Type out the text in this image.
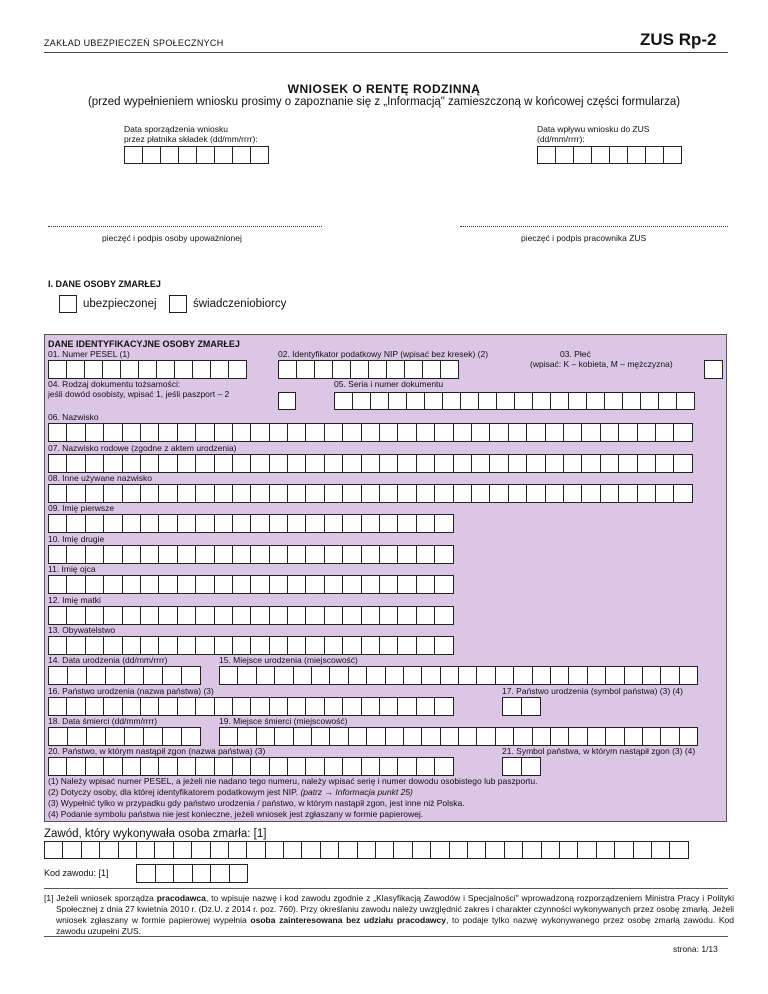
ZAKŁAD UBEZPIECZEŃ SPOŁECZNYCH	ZUS Rp-2
WNIOSEK O RENTĘ RODZINNĄ
(przed wypełnieniem wniosku prosimy o zapoznanie się z „Informacją" zamieszczoną w końcowej części formularza)
Data sporządzenia wniosku
przez płatnika składek (dd/mm/rrrr):
Data wpływu wniosku do ZUS
(dd/mm/rrrr):
pieczęć i podpis osoby upoważnionej	pieczęć i podpis pracownika ZUS
I. DANE OSOBY ZMARŁEJ
ubezpieczonej	świadczeniobiorcy
DANE IDENTYFIKACYJNE OSOBY ZMARŁEJ
01. Numer PESEL (1)	02. Identyfikator podatkowy NIP (wpisać bez kresek) (2)	03. Płeć
(wpisać: K – kobieta, M – mężczyzna)
04. Rodzaj dokumentu tożsamości:
jeśli dowód osobisty, wpisać 1, jeśli paszport – 2
05. Seria i numer dokumentu
06. Nazwisko
07. Nazwisko rodowe (zgodne z aktem urodzenia)
08. Inne używane nazwisko
09. Imię pierwsze
10. Imię drugie
11. Imię ojca
12. Imię matki
13. Obywatelstwo
14. Data urodzenia (dd/mm/rrrr)	15. Miejsce urodzenia (miejscowość)
16. Państwo urodzenia (nazwa państwa) (3)	17. Państwo urodzenia (symbol państwa) (3) (4)
18. Data śmierci (dd/mm/rrrr)	19. Miejsce śmierci (miejscowość)
20. Państwo, w którym nastąpił zgon (nazwa państwa) (3)	21. Symbol państwa, w którym nastąpił zgon (3) (4)
(1) Należy wpisać numer PESEL, a jeżeli nie nadano tego numeru, należy wpisać serię i numer dowodu osobistego lub paszportu.
(2) Dotyczy osoby, dla której identyfikatorem podatkowym jest NIP. (patrz → Informacja punkt 25)
(3) Wypełnić tylko w przypadku gdy państwo urodzenia / państwo, w którym nastąpił zgon, jest inne niż Polska.
(4) Podanie symbolu państwa nie jest konieczne, jeżeli wniosek jest zgłaszany w formie papierowej.
Zawód, który wykonywała osoba zmarła: [1]
Kod zawodu: [1]
[1] Jeżeli wniosek sporządza pracodawca, to wpisuje nazwę i kod zawodu zgodnie z „Klasyfikacją Zawodów i Specjalności" wprowadzoną rozporządzeniem Ministra Pracy i Polityki Społecznej z dnia 27 kwietnia 2010 r. (Dz.U. z 2014 r. poz. 760). Przy określaniu zawodu należy uwzględnić zakres i charakter czynności wykonywanych przez osobę zmarłą. Jeżeli wniosek zgłaszany w formie papierowej wypełnia osoba zainteresowana bez udziału pracodawcy, to podaje tylko nazwę wykonywanego przez osobę zmarłą zawodu. Kod zawodu uzupełni ZUS.
strona: 1/13
